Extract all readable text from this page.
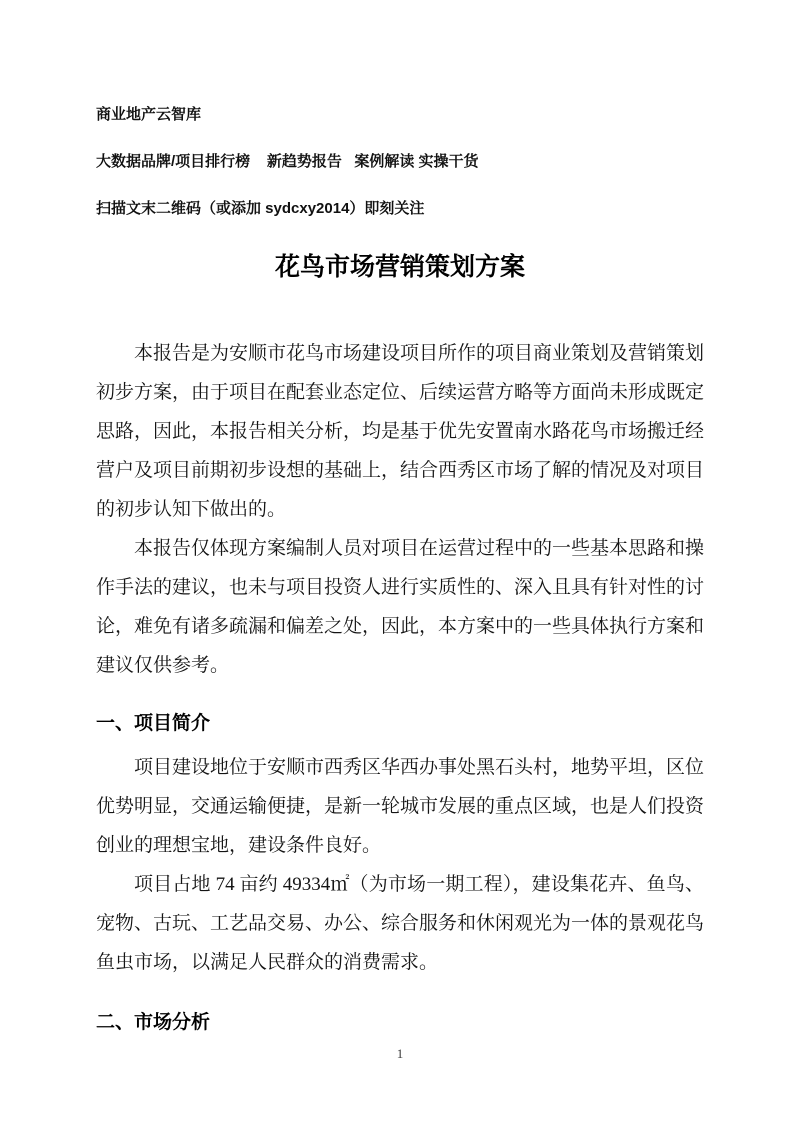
商业地产云智库

大数据品牌/项目排行榜    新趋势报告   案例解读 实操干货

扫描文末二维码（或添加 sydcxy2014）即刻关注

花鸟市场营销策划方案

本报告是为安顺市花鸟市场建设项目所作的项目商业策划及营销策划初步方案，由于项目在配套业态定位、后续运营方略等方面尚未形成既定思路，因此，本报告相关分析，均是基于优先安置南水路花鸟市场搬迁经营户及项目前期初步设想的基础上，结合西秀区市场了解的情况及对项目的初步认知下做出的。

本报告仅体现方案编制人员对项目在运营过程中的一些基本思路和操作手法的建议，也未与项目投资人进行实质性的、深入且具有针对性的讨论，难免有诸多疏漏和偏差之处，因此，本方案中的一些具体执行方案和建议仅供参考。

一、项目简介

项目建设地位于安顺市西秀区华西办事处黑石头村，地势平坦，区位优势明显，交通运输便捷，是新一轮城市发展的重点区域，也是人们投资创业的理想宝地，建设条件良好。

项目占地 74 亩约 49334㎡（为市场一期工程），建设集花卉、鱼鸟、宠物、古玩、工艺品交易、办公、综合服务和休闲观光为一体的景观花鸟鱼虫市场，以满足人民群众的消费需求。

二、市场分析
1
